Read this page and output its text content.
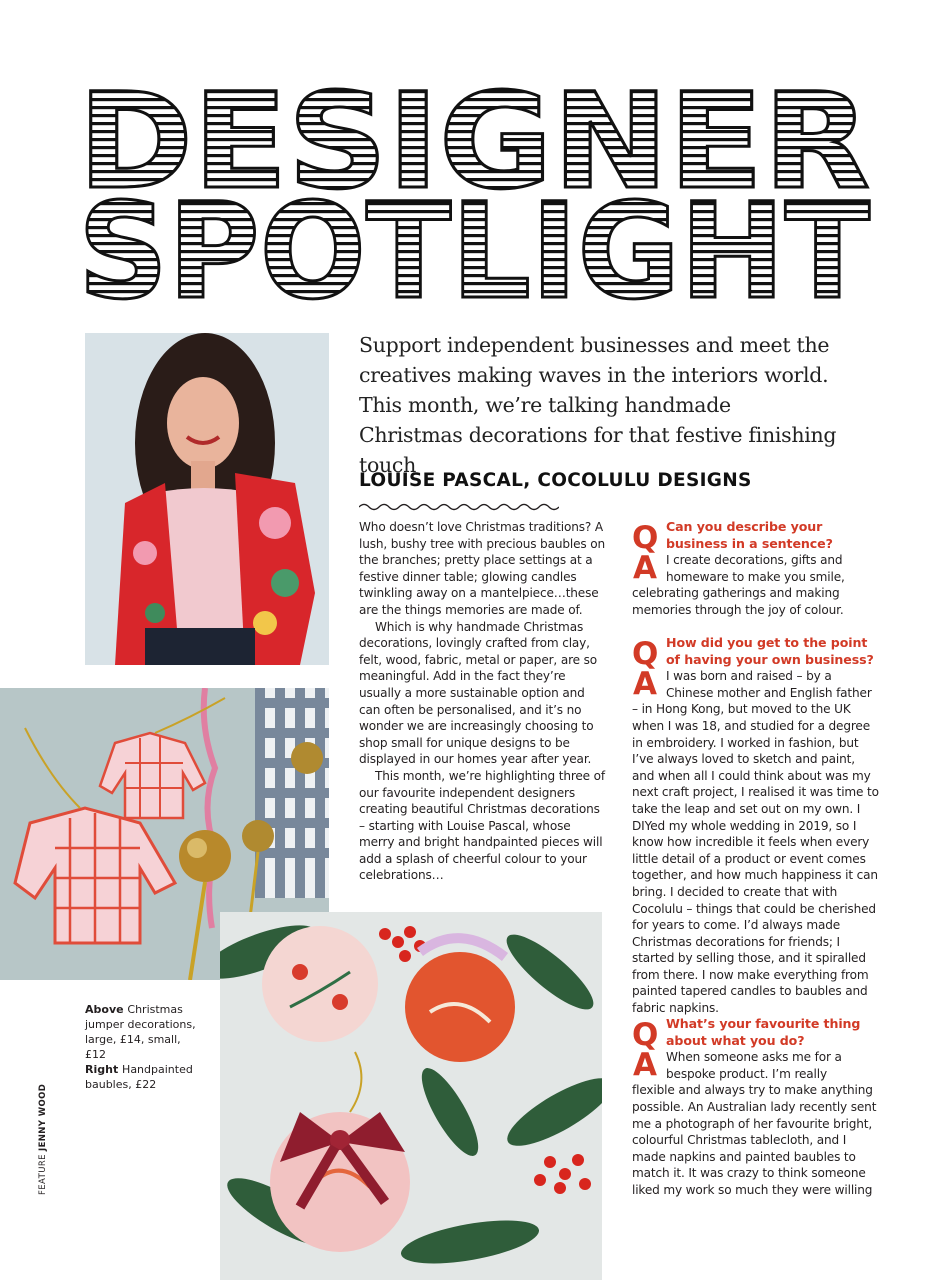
DESIGNER
SPOTLIGHT
Support independent businesses and meet the creatives making waves in the interiors world. This month, we’re talking handmade Christmas decorations for that festive finishing touch
LOUISE PASCAL, COCOLULU DESIGNS

Who doesn’t love Christmas traditions? A lush, bushy tree with precious baubles on the branches; pretty place settings at a festive dinner table; glowing candles twinkling away on a mantelpiece…these are the things memories are made of.

Which is why handmade Christmas decorations, lovingly crafted from clay, felt, wood, fabric, metal or paper, are so meaningful. Add in the fact they’re usually a more sustainable option and can often be personalised, and it’s no wonder we are increasingly choosing to shop small for unique designs to be displayed in our homes year after year.

This month, we’re highlighting three of our favourite independent designers creating beautiful Christmas decorations – starting with Louise Pascal, whose merry and bright handpainted pieces will add a splash of cheerful colour to your celebrations…

Q
A
Can you describe your business in a sentence?
I create decorations, gifts and homeware to make you smile,
celebrating gatherings and making memories through the joy of colour.
Q
A
How did you get to the point of having your own business?
I was born and raised – by a Chinese mother and English father
– in Hong Kong, but moved to the UK when I was 18, and studied for a degree in embroidery. I worked in fashion, but I’ve always loved to sketch and paint, and when all I could think about was my next craft project, I realised it was time to take the leap and set out on my own. I DIYed my whole wedding in 2019, so I know how incredible it feels when every little detail of a product or event comes together, and how much happiness it can bring. I decided to create that with Cocolulu – things that could be cherished for years to come. I’d always made Christmas decorations for friends; I started by selling those, and it spiralled from there. I now make everything from painted tapered candles to baubles and fabric napkins.
Q
A
What’s your favourite thing about what you do?
When someone asks me for a bespoke product. I’m really
flexible and always try to make anything possible. An Australian lady recently sent me a photograph of her favourite bright, colourful Christmas tablecloth, and I made napkins and painted baubles to match it. It was crazy to think someone liked my work so much they were willing
Above Christmas jumper decorations, large, £14, small, £12
Right Handpainted baubles, £22
FEATURE JENNY WOOD
